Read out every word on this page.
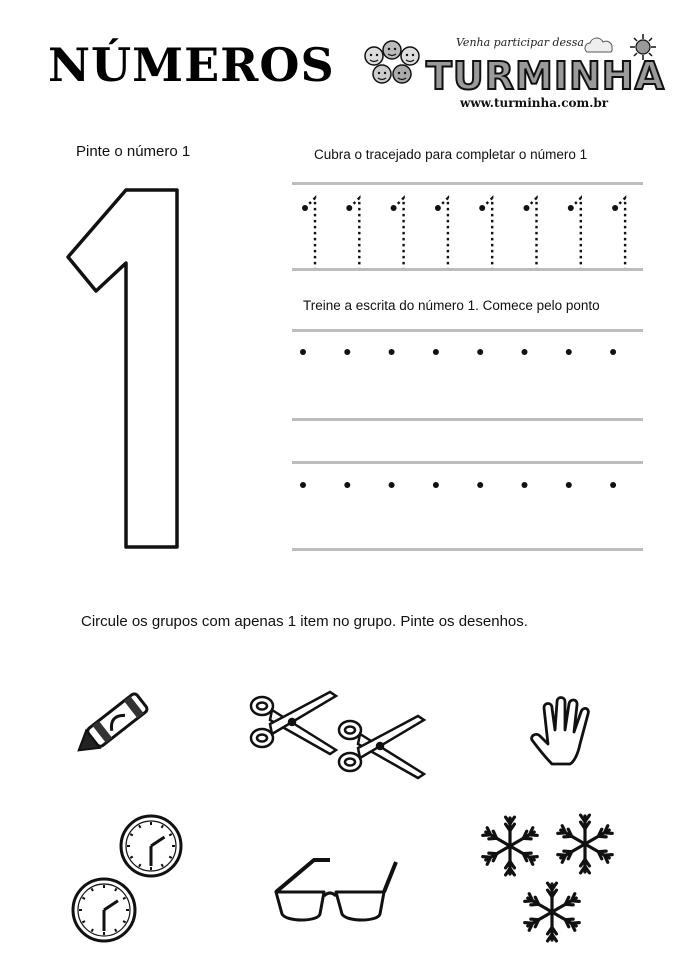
NÚMEROS	Venha participar dessa
TURMINHA
www.turminha.com.br
Pinte o número 1	Cubra o tracejado para completar o número 1
Treine a escrita do número 1. Comece pelo ponto
Circule os grupos com apenas 1 item no grupo. Pinte os desenhos.
